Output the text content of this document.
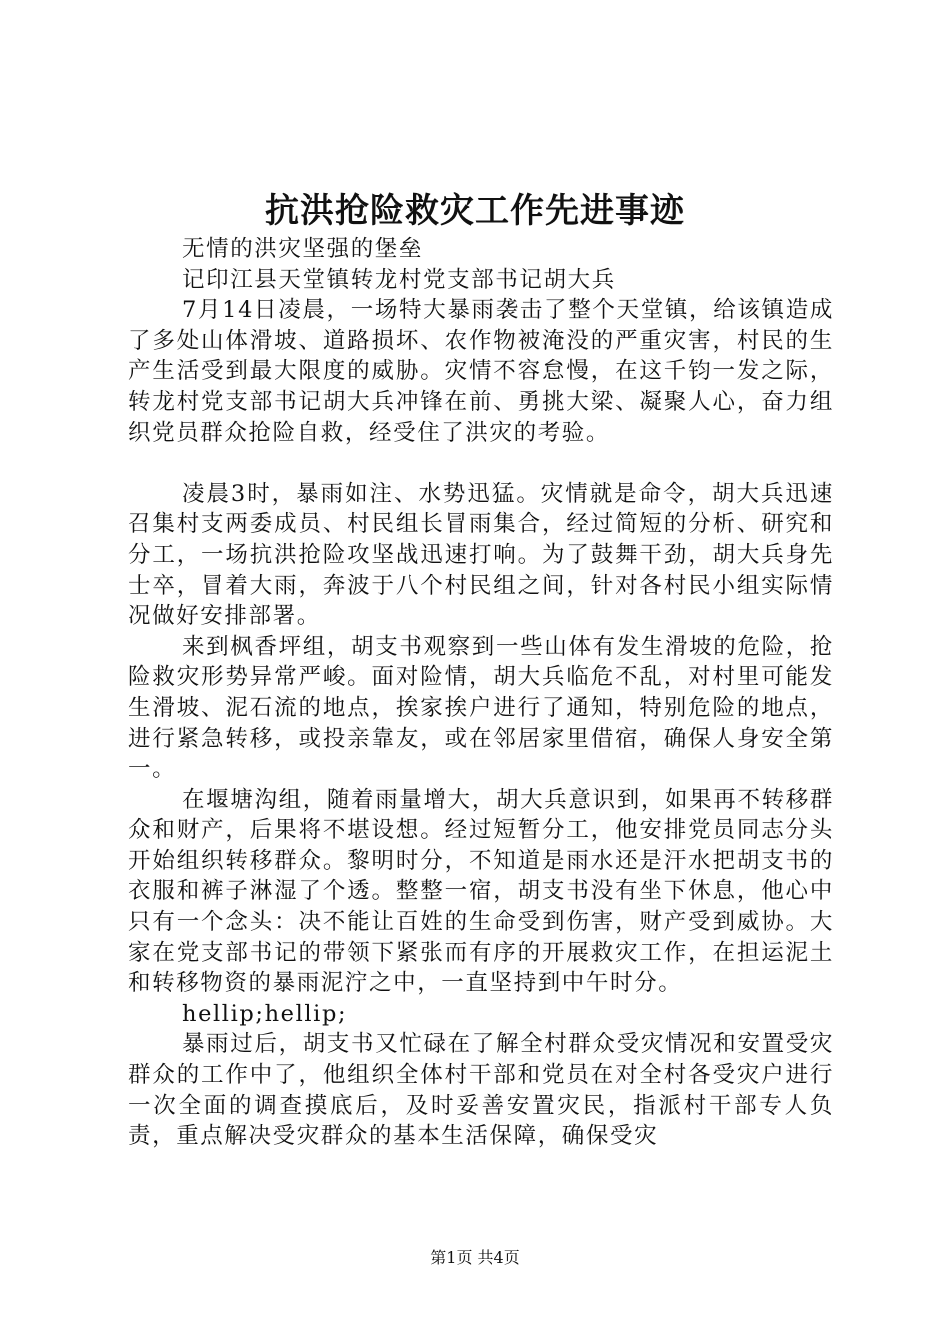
抗洪抢险救灾工作先进事迹

无情的洪灾坚强的堡垒

记印江县天堂镇转龙村党支部书记胡大兵

7月14日凌晨，一场特大暴雨袭击了整个天堂镇，给该镇造成了多处山体滑坡、道路损坏、农作物被淹没的严重灾害，村民的生产生活受到最大限度的威胁。灾情不容怠慢，在这千钧一发之际，转龙村党支部书记胡大兵冲锋在前、勇挑大梁、凝聚人心，奋力组织党员群众抢险自救，经受住了洪灾的考验。

凌晨3时，暴雨如注、水势迅猛。灾情就是命令，胡大兵迅速召集村支两委成员、村民组长冒雨集合，经过简短的分析、研究和分工，一场抗洪抢险攻坚战迅速打响。为了鼓舞干劲，胡大兵身先士卒，冒着大雨，奔波于八个村民组之间，针对各村民小组实际情况做好安排部署。

来到枫香坪组，胡支书观察到一些山体有发生滑坡的危险，抢险救灾形势异常严峻。面对险情，胡大兵临危不乱，对村里可能发生滑坡、泥石流的地点，挨家挨户进行了通知，特别危险的地点，进行紧急转移，或投亲靠友，或在邻居家里借宿，确保人身安全第一。

在堰塘沟组，随着雨量增大，胡大兵意识到，如果再不转移群众和财产，后果将不堪设想。经过短暂分工，他安排党员同志分头开始组织转移群众。黎明时分，不知道是雨水还是汗水把胡支书的衣服和裤子淋湿了个透。整整一宿，胡支书没有坐下休息，他心中只有一个念头：决不能让百姓的生命受到伤害，财产受到威协。大家在党支部书记的带领下紧张而有序的开展救灾工作，在担运泥土和转移物资的暴雨泥泞之中，一直坚持到中午时分。

hellip;hellip;

暴雨过后，胡支书又忙碌在了解全村群众受灾情况和安置受灾群众的工作中了，他组织全体村干部和党员在对全村各受灾户进行一次全面的调查摸底后，及时妥善安置灾民，指派村干部专人负责，重点解决受灾群众的基本生活保障，确保受灾

第1页 共4页
